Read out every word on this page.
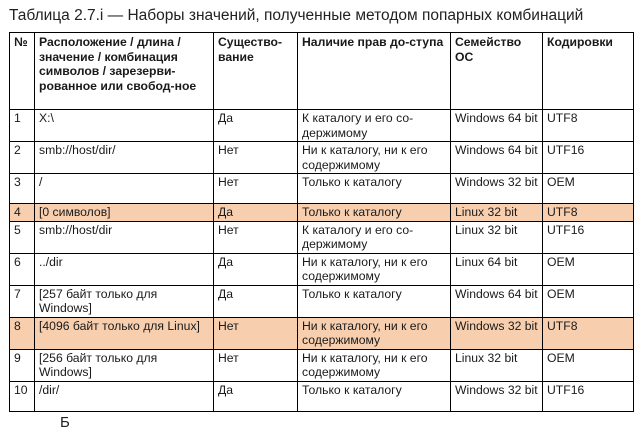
Таблица 2.7.i — Наборы значений, полученные методом попарных комбинаций
№	Расположение / длина / значение / комбинация символов / зарезерви-рованное или свобод-ное	Существо-вание	Наличие прав до-ступа	Семейство ОС	Кодировки
1	X:\	Да	К каталогу и его со-держимому	Windows 64 bit	UTF8
2	smb://host/dir/	Нет	Ни к каталогу, ни к его содержимому	Windows 64 bit	UTF16
3	/	Нет	Только к каталогу	Windows 32 bit	OEM
4	[0 символов]	Да	Только к каталогу	Linux 32 bit	UTF8
5	smb://host/dir	Нет	К каталогу и его со-держимому	Linux 32 bit	UTF16
6	../dir	Да	Ни к каталогу, ни к его содержимому	Linux 64 bit	OEM
7	[257 байт только для Windows]	Да	Только к каталогу	Windows 64 bit	OEM
8	[4096 байт только для Linux]	Нет	Ни к каталогу, ни к его содержимому	Windows 32 bit	UTF8
9	[256 байт только для Windows]	Нет	Ни к каталогу, ни к его содержимому	Linux 32 bit	OEM
10	/dir/	Да	Только к каталогу	Windows 32 bit	UTF16
Б
